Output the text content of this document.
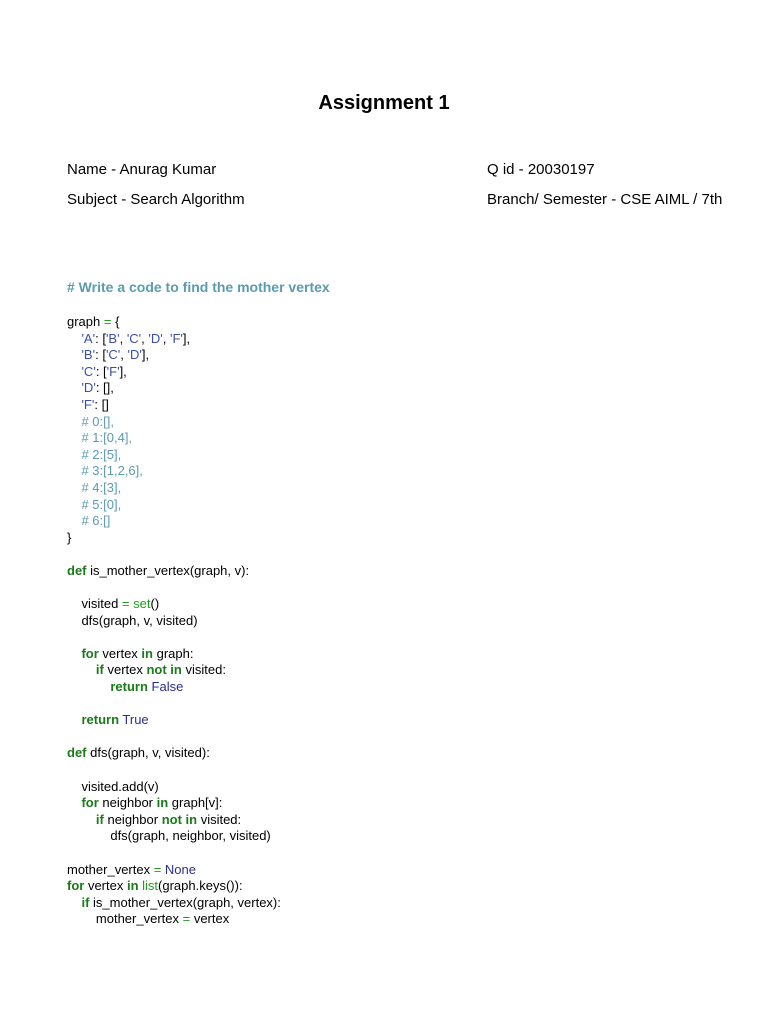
Assignment 1
Name - Anurag Kumar	Q id - 20030197
Subject - Search Algorithm	Branch/ Semester - CSE AIML / 7th
# Write a code to find the mother vertex
graph = {
'A': ['B', 'C', 'D', 'F'],
'B': ['C', 'D'],
'C': ['F'],
'D': [],
'F': []
# 0:[],
# 1:[0,4],
# 2:[5],
# 3:[1,2,6],
# 4:[3],
# 5:[0],
# 6:[]
}
def is_mother_vertex(graph, v):
visited = set()
dfs(graph, v, visited)
for vertex in graph:
if vertex not in visited:
return False
return True
def dfs(graph, v, visited):
visited.add(v)
for neighbor in graph[v]:
if neighbor not in visited:
dfs(graph, neighbor, visited)
mother_vertex = None
for vertex in list(graph.keys()):
if is_mother_vertex(graph, vertex):
mother_vertex = vertex
